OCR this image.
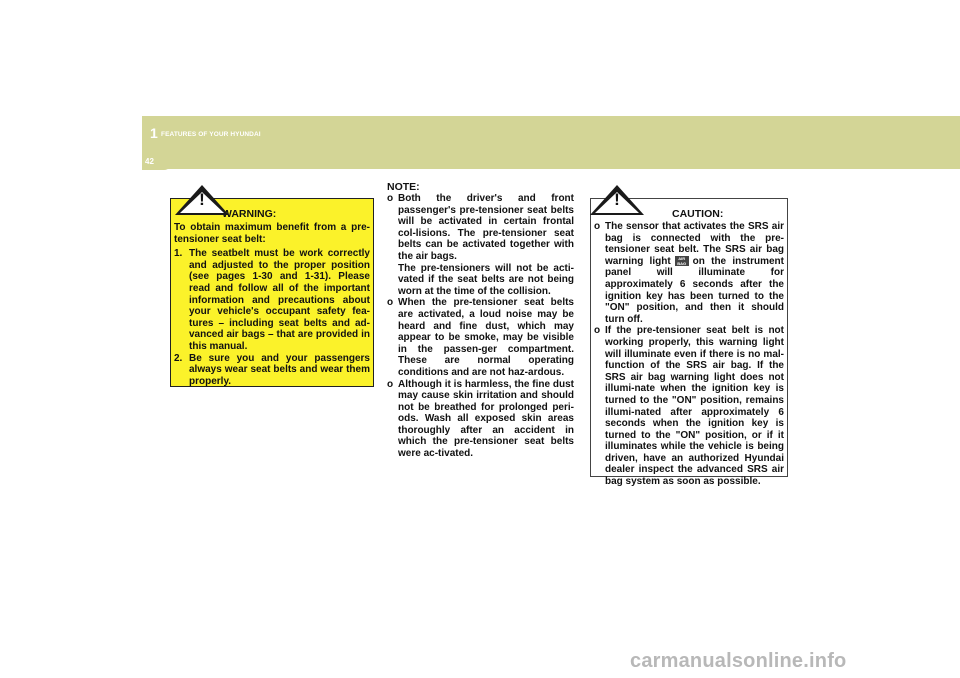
1 FEATURES OF YOUR HYUNDAI
42
WARNING:
To obtain maximum benefit from a pre-tensioner seat belt:
1. The seatbelt must be work correctly and adjusted to the proper position (see pages 1-30 and 1-31). Please read and follow all of the important information and precautions about your vehicle's occupant safety fea-tures – including seat belts and ad-vanced air bags – that are provided in this manual.
2. Be sure you and your passengers always wear seat belts and wear them properly.
!
NOTE:
o Both the driver's and front passenger's pre-tensioner seat belts will be activated in certain frontal col-lisions. The pre-tensioner seat belts can be activated together with the air bags.
The pre-tensioners will not be acti-vated if the seat belts are not being worn at the time of the collision.
o When the pre-tensioner seat belts are activated, a loud noise may be heard and fine dust, which may appear to be smoke, may be visible in the passen-ger compartment. These are normal operating conditions and are not haz-ardous.
o Although it is harmless, the fine dust may cause skin irritation and should not be breathed for prolonged peri-ods. Wash all exposed skin areas thoroughly after an accident in which the pre-tensioner seat belts were ac-tivated.
CAUTION:
o The sensor that activates the SRS air bag is connected with the pre-tensioner seat belt. The SRS air bag warning light AIR
BAG on the instrument panel will illuminate for approximately 6 seconds after the ignition key has been turned to the "ON" position, and then it should turn off.
o If the pre-tensioner seat belt is not working properly, this warning light will illuminate even if there is no mal-function of the SRS air bag. If the SRS air bag warning light does not illumi-nate when the ignition key is turned to the "ON" position, remains illumi-nated after approximately 6 seconds when the ignition key is turned to the "ON" position, or if it illuminates while the vehicle is being driven, have an authorized Hyundai dealer inspect the advanced SRS air bag system as soon as possible.
!
carmanualsonline.info
